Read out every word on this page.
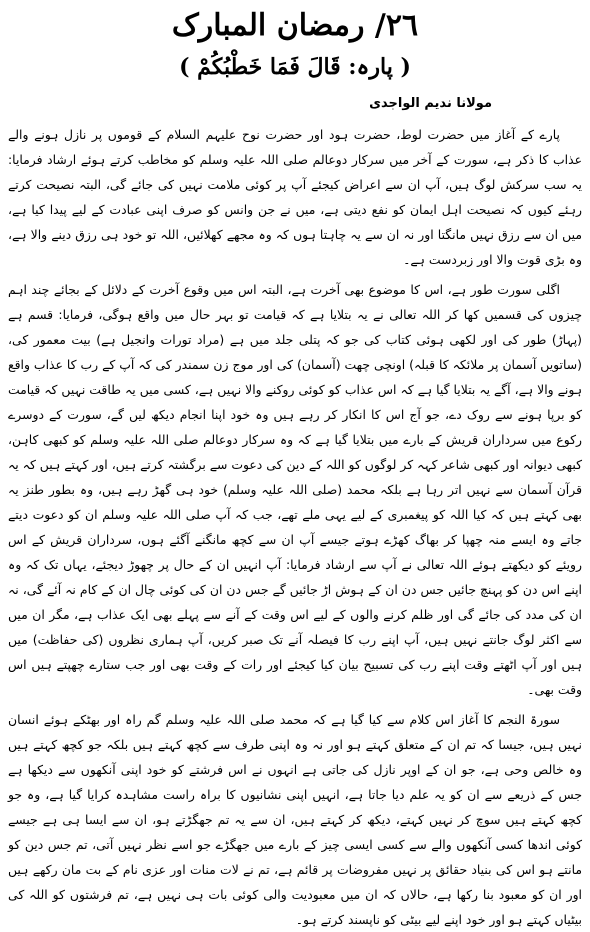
٢٦/ رمضان المبارک
( پارہ: قَالَ فَمَا خَطْبُكُمْ )
مولانا ندیم الواجدی

پارے کے آغاز میں حضرت لوط، حضرت ہود اور حضرت نوح علیہم السلام کے قوموں پر نازل ہونے والے عذاب کا ذکر ہے، سورت کے آخر میں سرکار دوعالم صلی اللہ علیہ وسلم کو مخاطب کرتے ہوئے ارشاد فرمایا: یہ سب سرکش لوگ ہیں، آپ ان سے اعراض کیجئے آپ پر کوئی ملامت نہیں کی جائے گی، البتہ نصیحت کرتے رہئے کیوں کہ نصیحت اہل ایمان کو نفع دیتی ہے، میں نے جن وانس کو صرف اپنی عبادت کے لیے پیدا کیا ہے، میں ان سے رزق نہیں مانگتا اور نہ ان سے یہ چاہتا ہوں کہ وہ مجھے کھلائیں، اللہ تو خود ہی رزق دینے والا ہے، وہ بڑی قوت والا اور زبردست ہے۔

اگلی سورت طور ہے، اس کا موضوع بھی آخرت ہے، البتہ اس میں وقوع آخرت کے دلائل کے بجائے چند اہم چیزوں کی قسمیں کھا کر اللہ تعالی نے یہ بتلایا ہے کہ قیامت تو بہر حال میں واقع ہوگی، فرمایا: قسم ہے (پہاڑ) طور کی اور لکھی ہوئی کتاب کی جو کہ پتلی جلد میں ہے (مراد تورات وانجیل ہے) بیت معمور کی، (ساتویں آسمان پر ملائکہ کا قبلہ) اونچی چھت (آسمان) کی اور موج زن سمندر کی کہ آپ کے رب کا عذاب واقع ہونے والا ہے، آگے یہ بتلایا گیا ہے کہ اس عذاب کو کوئی روکنے والا نہیں ہے، کسی میں یہ طاقت نہیں کہ قیامت کو برپا ہونے سے روک دے، جو آج اس کا انکار کر رہے ہیں وہ خود اپنا انجام دیکھ لیں گے، سورت کے دوسرے رکوع میں سرداران قریش کے بارے میں بتلایا گیا ہے کہ وہ سرکار دوعالم صلی اللہ علیہ وسلم کو کبھی کاہن، کبھی دیوانہ اور کبھی شاعر کہہ کر لوگوں کو اللہ کے دین کی دعوت سے برگشتہ کرتے ہیں، اور کہتے ہیں کہ یہ قرآن آسمان سے نہیں اتر رہا ہے بلکہ محمد (صلی اللہ علیہ وسلم) خود ہی گھڑ رہے ہیں، وہ بطور طنز یہ بھی کہتے ہیں کہ کیا اللہ کو پیغمبری کے لیے یہی ملے تھے، جب کہ آپ صلی اللہ علیہ وسلم ان کو دعوت دیتے جاتے وہ ایسے منہ چھپا کر بھاگ کھڑے ہوتے جیسے آپ ان سے کچھ مانگنے آگئے ہوں، سرداران قریش کے اس رویئے کو دیکھتے ہوئے اللہ تعالی نے آپ سے ارشاد فرمایا: آپ انہیں ان کے حال پر چھوڑ دیجئے، یہاں تک کہ وہ اپنے اس دن کو پہنچ جائیں جس دن ان کے ہوش اڑ جائیں گے جس دن ان کی کوئی چال ان کے کام نہ آئے گی، نہ ان کی مدد کی جائے گی اور ظلم کرنے والوں کے لیے اس وقت کے آنے سے پہلے بھی ایک عذاب ہے، مگر ان میں سے اکثر لوگ جانتے نہیں ہیں، آپ اپنے رب کا فیصلہ آنے تک صبر کریں، آپ ہماری نظروں (کی حفاظت) میں ہیں اور آپ اٹھتے وقت اپنے رب کی تسبیح بیان کیا کیجئے اور رات کے وقت بھی اور جب ستارے چھپتے ہیں اس وقت بھی۔

سورۃ النجم کا آغاز اس کلام سے کیا گیا ہے کہ محمد صلی اللہ علیہ وسلم گم راہ اور بھٹکے ہوئے انسان نہیں ہیں، جیسا کہ تم ان کے متعلق کہتے ہو اور نہ وہ اپنی طرف سے کچھ کہتے ہیں بلکہ جو کچھ کہتے ہیں وہ خالص وحی ہے، جو ان کے اوپر نازل کی جاتی ہے انہوں نے اس فرشتے کو خود اپنی آنکھوں سے دیکھا ہے جس کے ذریعے سے ان کو یہ علم دیا جاتا ہے، انہیں اپنی نشانیوں کا براہ راست مشاہدہ کرایا گیا ہے، وہ جو کچھ کہتے ہیں سوچ کر نہیں کہتے، دیکھ کر کہتے ہیں، ان سے یہ تم جھگڑتے ہو، ان سے ایسا ہی ہے جیسے کوئی اندھا کسی آنکھوں والے سے کسی ایسی چیز کے بارے میں جھگڑے جو اسے نظر نہیں آتی، تم جس دین کو مانتے ہو اس کی بنیاد حقائق پر نہیں مفروضات پر قائم ہے، تم نے لات منات اور عزی نام کے بت مان رکھے ہیں اور ان کو معبود بنا رکھا ہے، حالاں کہ ان میں معبودیت والی کوئی بات ہی نہیں ہے، تم فرشتوں کو اللہ کی بیٹیاں کہتے ہو اور خود اپنے لیے بیٹی کو ناپسند کرتے ہو۔
